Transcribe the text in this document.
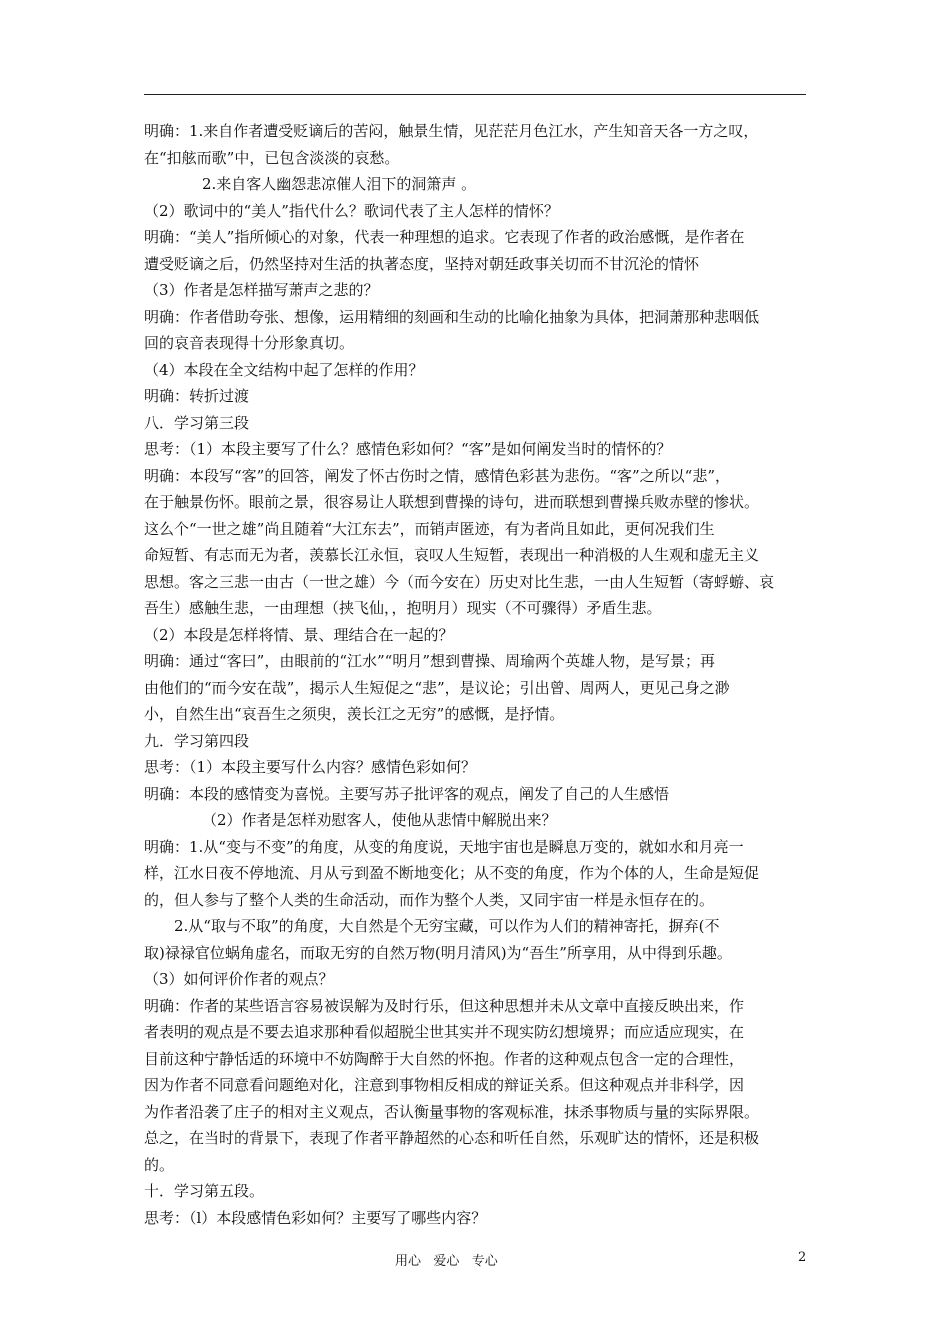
明确：1.来自作者遭受贬谪后的苦闷，触景生情，见茫茫月色江水，产生知音天各一方之叹，

在“扣舷而歌”中，已包含淡淡的哀愁。

2.来自客人幽怨悲凉催人泪下的洞箫声 。

（2）歌词中的“美人”指代什么？歌词代表了主人怎样的情怀？

明确：“美人”指所倾心的对象，代表一种理想的追求。它表现了作者的政治感慨，是作者在

遭受贬谪之后，仍然坚持对生活的执著态度，坚持对朝廷政事关切而不甘沉沦的情怀

（3）作者是怎样描写萧声之悲的？

明确：作者借助夸张、想像，运用精细的刻画和生动的比喻化抽象为具体，把洞萧那种悲咽低

回的哀音表现得十分形象真切。

（4）本段在全文结构中起了怎样的作用？

明确：转折过渡

八．学习第三段

思考：（1）本段主要写了什么？感情色彩如何？“客”是如何阐发当时的情怀的？

明确：本段写“客”的回答，阐发了怀古伤时之情，感情色彩甚为悲伤。“客”之所以“悲”，

在于触景伤怀。眼前之景，很容易让人联想到曹操的诗句，进而联想到曹操兵败赤壁的惨状。

这么个“一世之雄”尚且随着“大江东去”，而销声匿迹，有为者尚且如此，更何况我们生

命短暂、有志而无为者，羡慕长江永恒，哀叹人生短暂，表现出一种消极的人生观和虚无主义

思想。客之三悲一由古（一世之雄）今（而今安在）历史对比生悲，一由人生短暂（寄蜉蝣、哀

吾生）感触生悲，一由理想（挟飞仙，，抱明月）现实（不可骤得）矛盾生悲。

（2）本段是怎样将情、景、理结合在一起的？

明确：通过“客曰”，由眼前的“江水”“明月”想到曹操、周瑜两个英雄人物，是写景；再

由他们的“而今安在哉”，揭示人生短促之“悲”，是议论；引出曾、周两人，更见己身之渺

小，自然生出“哀吾生之须臾，羡长江之无穷”的感慨，是抒情。

九．学习第四段

思考：（1）本段主要写什么内容？感情色彩如何？

明确：本段的感情变为喜悦。主要写苏子批评客的观点，阐发了自己的人生感悟

（2）作者是怎样劝慰客人，使他从悲情中解脱出来？

明确：1.从“变与不变”的角度，从变的角度说，天地宇宙也是瞬息万变的，就如水和月亮一

样，江水日夜不停地流、月从亏到盈不断地变化；从不变的角度，作为个体的人，生命是短促

的，但人参与了整个人类的生命活动，而作为整个人类，又同宇宙一样是永恒存在的。

2.从“取与不取”的角度，大自然是个无穷宝藏，可以作为人们的精神寄托，摒弃(不

取)禄禄官位蜗角虚名，而取无穷的自然万物(明月清风)为“吾生”所享用，从中得到乐趣。

（3）如何评价作者的观点？

明确：作者的某些语言容易被误解为及时行乐，但这种思想并未从文章中直接反映出来，作

者表明的观点是不要去追求那种看似超脱尘世其实并不现实防幻想境界；而应适应现实，在

目前这种宁静恬适的环境中不妨陶醉于大自然的怀抱。作者的这种观点包含一定的合理性，

因为作者不同意看问题绝对化，注意到事物相反相成的辩证关系。但这种观点并非科学，因

为作者沿袭了庄子的相对主义观点，否认衡量事物的客观标准，抹杀事物质与量的实际界限。

总之，在当时的背景下，表现了作者平静超然的心态和听任自然，乐观旷达的情怀，还是积极

的。

十．学习第五段。

思考：（l）本段感情色彩如何？主要写了哪些内容？

用心   爱心   专心	2
